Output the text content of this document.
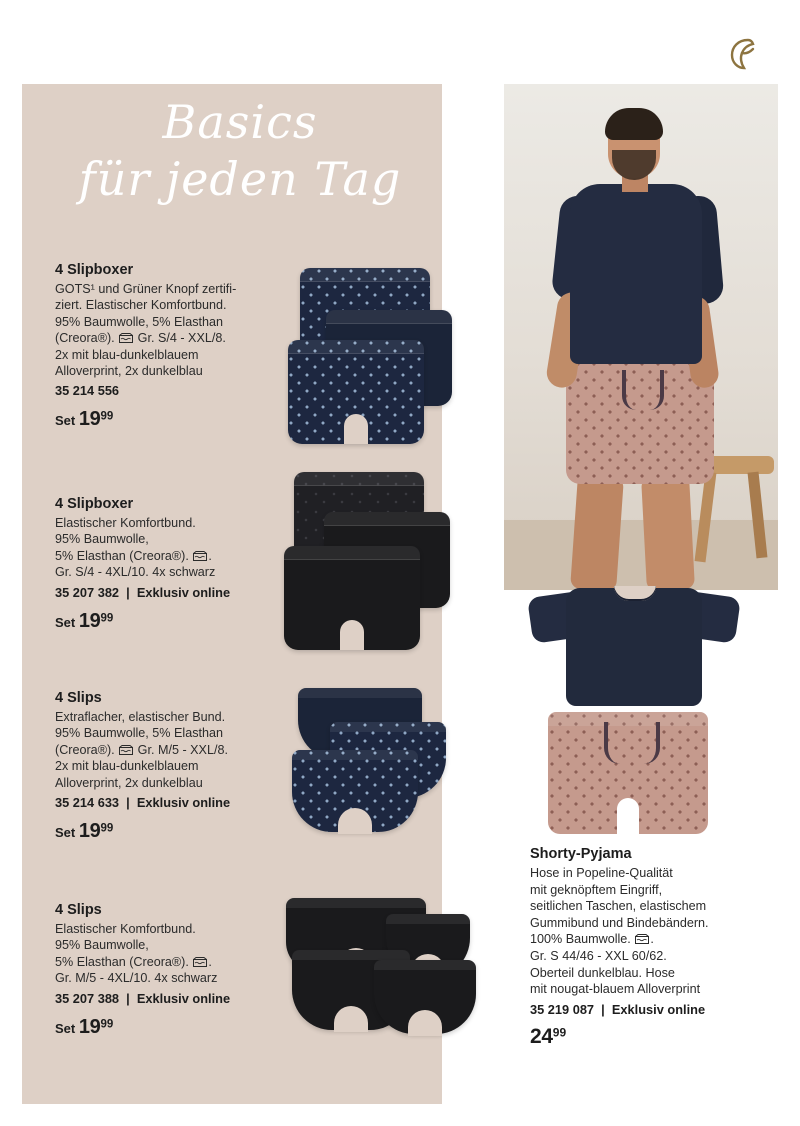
Basics
für jeden Tag
4 Slipboxer
GOTS¹ und Grüner Knopf zertifi-
ziert. Elastischer Komfortbund.
95% Baumwolle, 5% Elasthan
(Creora®). Gr. S/4 - XXL/8.
2x mit blau-dunkelblauem
Alloverprint, 2x dunkelblau
35 214 556
Set 1999
4 Slipboxer
Elastischer Komfortbund.
95% Baumwolle,
5% Elasthan (Creora®). .
Gr. S/4 - 4XL/10. 4x schwarz
35 207 382  |  Exklusiv online
Set 1999
4 Slips
Extraflacher, elastischer Bund.
95% Baumwolle, 5% Elasthan
(Creora®). Gr. M/5 - XXL/8.
2x mit blau-dunkelblauem
Alloverprint, 2x dunkelblau
35 214 633  |  Exklusiv online
Set 1999
4 Slips
Elastischer Komfortbund.
95% Baumwolle,
5% Elasthan (Creora®). .
Gr. M/5 - 4XL/10. 4x schwarz
35 207 388  |  Exklusiv online
Set 1999
Shorty-Pyjama
Hose in Popeline-Qualität
mit geknöpftem Eingriff,
seitlichen Taschen, elastischem
Gummibund und Bindebändern.
100% Baumwolle. .
Gr. S 44/46 - XXL 60/62.
Oberteil dunkelblau. Hose
mit nougat-blauem Alloverprint
35 219 087  |  Exklusiv online
$24^{99}$
